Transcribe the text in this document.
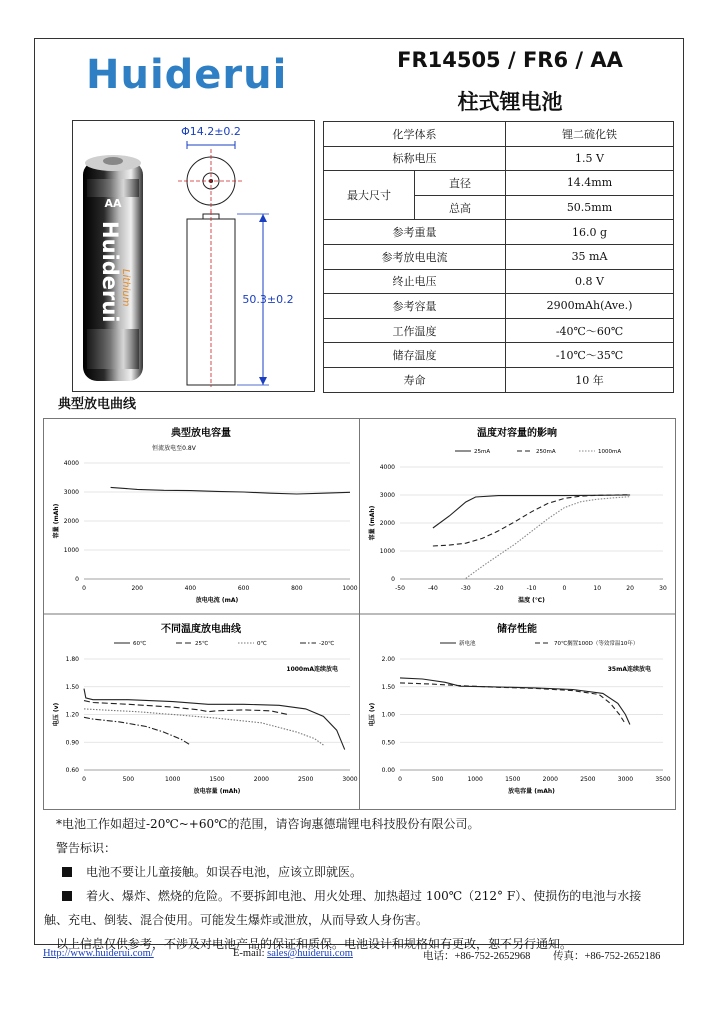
Huiderui	FR14505 / FR6 / AA
柱式锂电池
AA
Huiderui
Lithium
Φ14.2±0.2
50.3±0.2
化学体系		锂二硫化铁
标称电压		1.5 V
最大尺寸	直径	14.4mm
	总高	50.5mm
参考重量		16.0 g
参考放电电流		35 mA
终止电压		0.8 V
参考容量		2900mAh(Ave.)
工作温度		-40℃～60℃
储存温度		-10℃～35℃
寿命		10 年
典型放电曲线
典型放电容量
恒流放电至0.8V
0
1000
2000
3000
4000
0	200	400	600	800	1000
放电电流 (mA)
容量 (mAh)
温度对容量的影响
0
1000
2000
3000
4000
-50	-40	-30	-20	-10	0	10	20	30
温度 (℃)
容量 (mAh)
25mA	250mA	1000mA
不同温度放电曲线
0.60
0.90
1.20
1.50
1.80
0	500	1000	1500	2000	2500	3000
放电容量 (mAh)
电压 (v)
1000mA连续放电
60℃	25℃	0℃	-20℃
储存性能
0.00
0.50
1.00
1.50
2.00
0	500	1000	1500	2000	2500	3000	3500
放电容量 (mAh)
电压 (v)
35mA连续放电
新电池	70℃搁置100D（等效常温10年）

*电池工作如超过-20℃~+60℃的范围，请咨询惠德瑞锂电科技股份有限公司。

警告标识：

电池不要让儿童接触。如误吞电池，应该立即就医。

着火、爆炸、燃烧的危险。不要拆卸电池、用火处理、加热超过 100℃（212° F）、使损伤的电池与水接

触、充电、倒装、混合使用。可能发生爆炸或泄放，从而导致人身伤害。

以上信息仅供参考，不涉及对电池产品的保证和质保。电池设计和规格如有更改，恕不另行通知。

Http://www.huiderui.com/	E-mail: sales@huiderui.com	电话：+86-752-2652968 传真：+86-752-2652186
